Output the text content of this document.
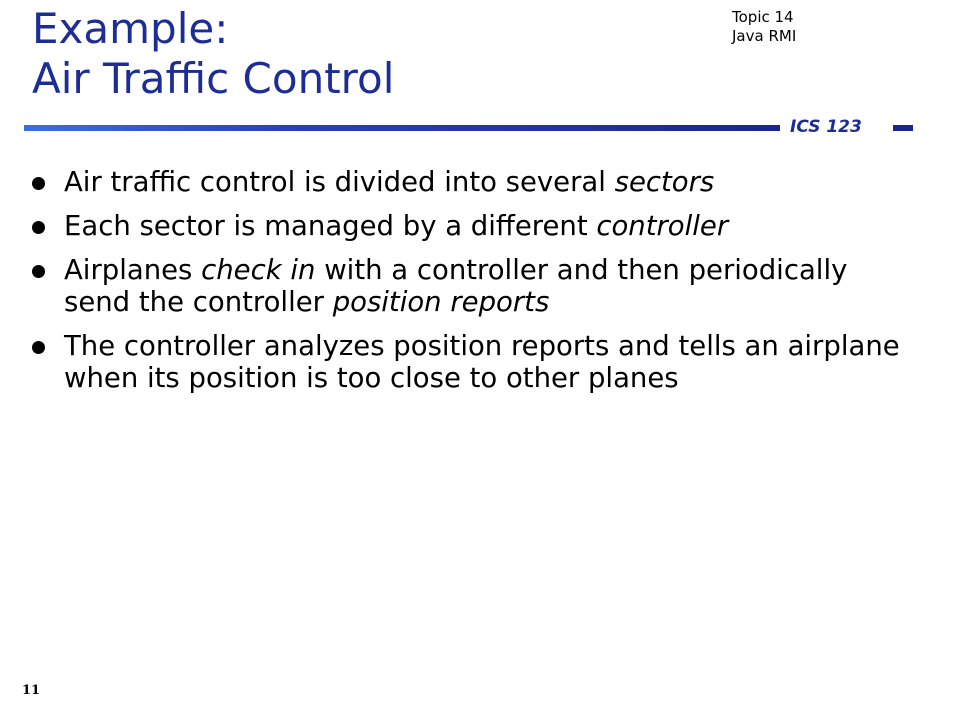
Example:
Air Traffic Control
Topic 14
Java RMI
ICS 123
Air traffic control is divided into several sectors
Each sector is managed by a different controller
Airplanes check in with a controller and then periodically send the controller position reports
The controller analyzes position reports and tells an airplane when its position is too close to other planes
11
